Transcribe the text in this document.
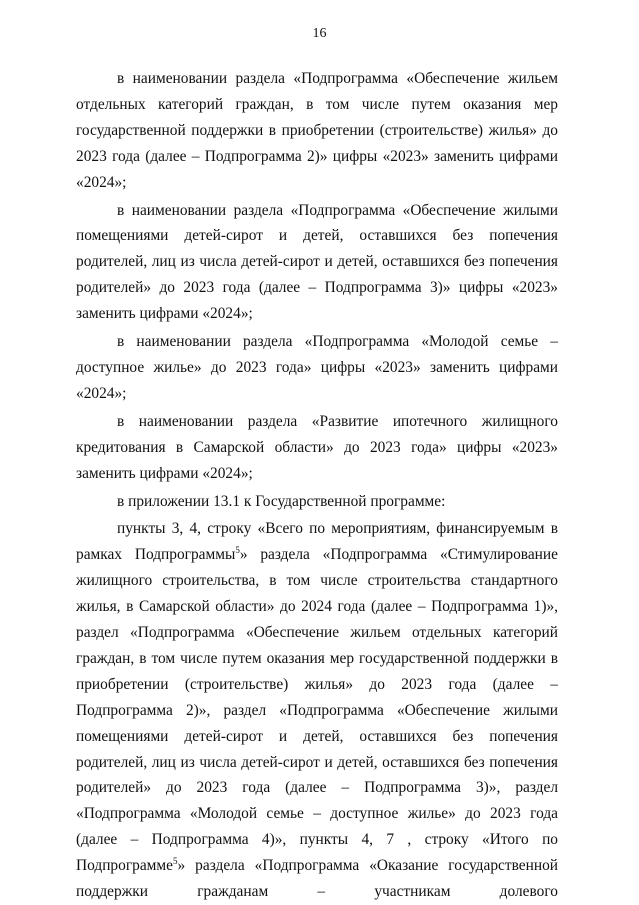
16

в наименовании раздела «Подпрограмма «Обеспечение жильем отдельных категорий граждан, в том числе путем оказания мер государственной поддержки в приобретении (строительстве) жилья» до 2023 года (далее – Подпрограмма 2)» цифры «2023» заменить цифрами «2024»;

в наименовании раздела «Подпрограмма «Обеспечение жилыми помещениями детей-сирот и детей, оставшихся без попечения родителей, лиц из числа детей-сирот и детей, оставшихся без попечения родителей» до 2023 года (далее – Подпрограмма 3)» цифры «2023» заменить цифрами «2024»;

в наименовании раздела «Подпрограмма «Молодой семье – доступное жилье» до 2023 года» цифры «2023» заменить цифрами «2024»;

в наименовании раздела «Развитие ипотечного жилищного кредитования в Самарской области» до 2023 года» цифры «2023» заменить цифрами «2024»;

в приложении 13.1 к Государственной программе:

пункты 3, 4, строку «Всего по мероприятиям, финансируемым в рамках Подпрограммы$^5$» раздела «Подпрограмма «Стимулирование жилищного строительства, в том числе строительства стандартного жилья, в Самарской области» до 2024 года (далее – Подпрограмма 1)», раздел «Подпрограмма «Обеспечение жильем отдельных категорий граждан, в том числе путем оказания мер государственной поддержки в приобретении (строительстве) жилья» до 2023 года (далее – Подпрограмма 2)», раздел «Подпрограмма «Обеспечение жилыми помещениями детей-сирот и детей, оставшихся без попечения родителей, лиц из числа детей-сирот и детей, оставшихся без попечения родителей» до 2023 года (далее – Подпрограмма 3)», раздел «Подпрограмма «Молодой семье – доступное жилье» до 2023 года (далее – Подпрограмма 4)», пункты 4, 7 , строку «Итого по Подпрограмме$^5$» раздела «Подпрограмма «Оказание государственной поддержки гражданам – участникам долевого
